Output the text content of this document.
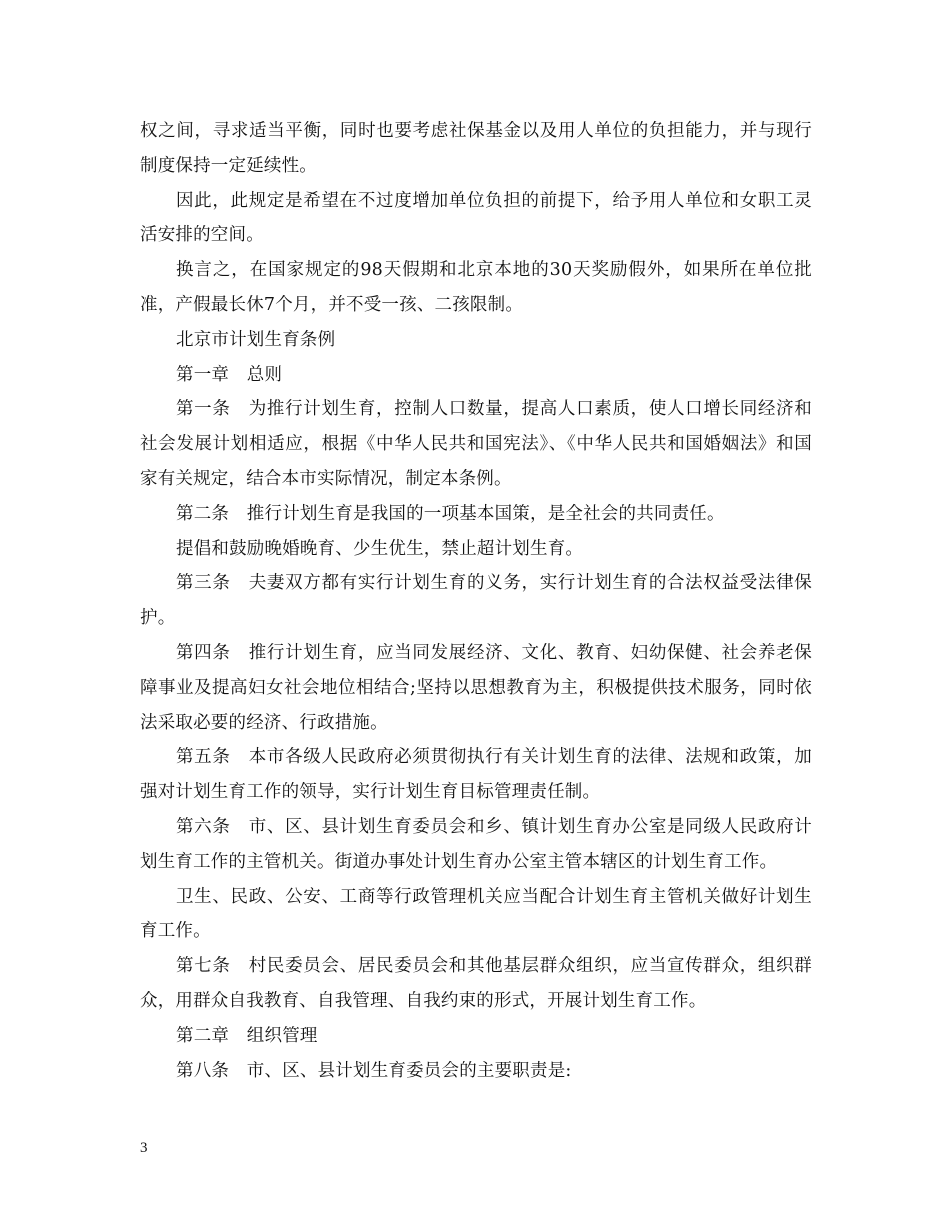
权之间，寻求适当平衡，同时也要考虑社保基金以及用人单位的负担能力，并与现行制度保持一定延续性。

因此，此规定是希望在不过度增加单位负担的前提下，给予用人单位和女职工灵活安排的空间。

换言之，在国家规定的98天假期和北京本地的30天奖励假外，如果所在单位批准，产假最长休7个月，并不受一孩、二孩限制。

北京市计划生育条例

第一章　总则

第一条　为推行计划生育，控制人口数量，提高人口素质，使人口增长同经济和社会发展计划相适应，根据《中华人民共和国宪法》、《中华人民共和国婚姻法》和国家有关规定，结合本市实际情况，制定本条例。

第二条　推行计划生育是我国的一项基本国策，是全社会的共同责任。

提倡和鼓励晚婚晚育、少生优生，禁止超计划生育。

第三条　夫妻双方都有实行计划生育的义务，实行计划生育的合法权益受法律保护。

第四条　推行计划生育，应当同发展经济、文化、教育、妇幼保健、社会养老保障事业及提高妇女社会地位相结合;坚持以思想教育为主，积极提供技术服务，同时依法采取必要的经济、行政措施。

第五条　本市各级人民政府必须贯彻执行有关计划生育的法律、法规和政策，加强对计划生育工作的领导，实行计划生育目标管理责任制。

第六条　市、区、县计划生育委员会和乡、镇计划生育办公室是同级人民政府计划生育工作的主管机关。街道办事处计划生育办公室主管本辖区的计划生育工作。

卫生、民政、公安、工商等行政管理机关应当配合计划生育主管机关做好计划生育工作。

第七条　村民委员会、居民委员会和其他基层群众组织，应当宣传群众，组织群众，用群众自我教育、自我管理、自我约束的形式，开展计划生育工作。

第二章　组织管理

第八条　市、区、县计划生育委员会的主要职责是:

3
